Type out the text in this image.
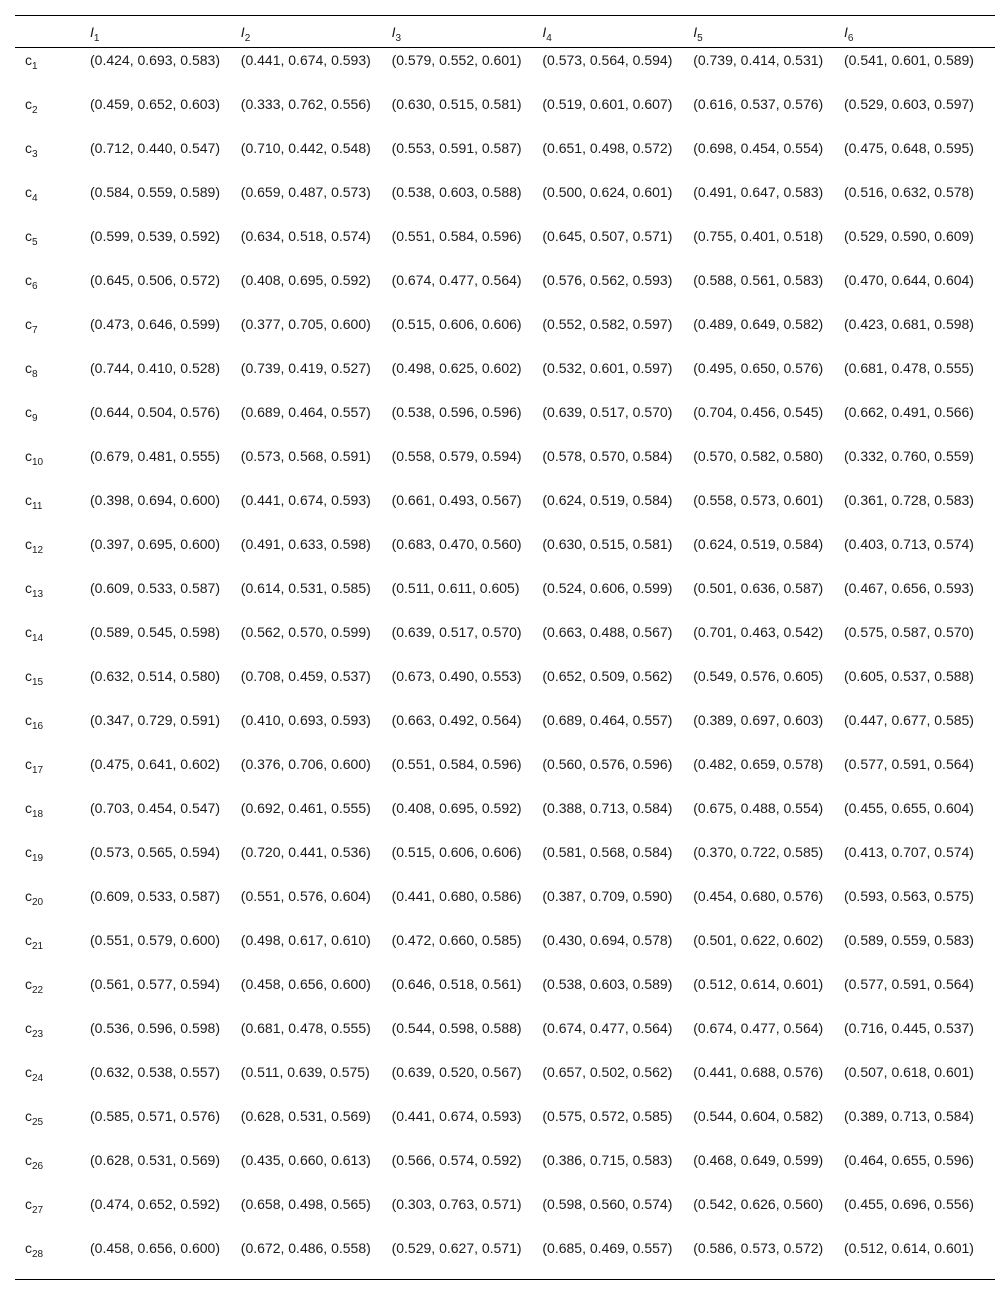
	$I_1$	$I_2$	$I_3$	$I_4$	$I_5$	$I_6$
$c_1$	(0.424, 0.693, 0.583)	(0.441, 0.674, 0.593)	(0.579, 0.552, 0.601)	(0.573, 0.564, 0.594)	(0.739, 0.414, 0.531)	(0.541, 0.601, 0.589)

$c_2$	(0.459, 0.652, 0.603)	(0.333, 0.762, 0.556)	(0.630, 0.515, 0.581)	(0.519, 0.601, 0.607)	(0.616, 0.537, 0.576)	(0.529, 0.603, 0.597)

$c_3$	(0.712, 0.440, 0.547)	(0.710, 0.442, 0.548)	(0.553, 0.591, 0.587)	(0.651, 0.498, 0.572)	(0.698, 0.454, 0.554)	(0.475, 0.648, 0.595)

$c_4$	(0.584, 0.559, 0.589)	(0.659, 0.487, 0.573)	(0.538, 0.603, 0.588)	(0.500, 0.624, 0.601)	(0.491, 0.647, 0.583)	(0.516, 0.632, 0.578)

$c_5$	(0.599, 0.539, 0.592)	(0.634, 0.518, 0.574)	(0.551, 0.584, 0.596)	(0.645, 0.507, 0.571)	(0.755, 0.401, 0.518)	(0.529, 0.590, 0.609)

$c_6$	(0.645, 0.506, 0.572)	(0.408, 0.695, 0.592)	(0.674, 0.477, 0.564)	(0.576, 0.562, 0.593)	(0.588, 0.561, 0.583)	(0.470, 0.644, 0.604)

$c_7$	(0.473, 0.646, 0.599)	(0.377, 0.705, 0.600)	(0.515, 0.606, 0.606)	(0.552, 0.582, 0.597)	(0.489, 0.649, 0.582)	(0.423, 0.681, 0.598)

$c_8$	(0.744, 0.410, 0.528)	(0.739, 0.419, 0.527)	(0.498, 0.625, 0.602)	(0.532, 0.601, 0.597)	(0.495, 0.650, 0.576)	(0.681, 0.478, 0.555)

$c_9$	(0.644, 0.504, 0.576)	(0.689, 0.464, 0.557)	(0.538, 0.596, 0.596)	(0.639, 0.517, 0.570)	(0.704, 0.456, 0.545)	(0.662, 0.491, 0.566)

$c_{10}$	(0.679, 0.481, 0.555)	(0.573, 0.568, 0.591)	(0.558, 0.579, 0.594)	(0.578, 0.570, 0.584)	(0.570, 0.582, 0.580)	(0.332, 0.760, 0.559)

$c_{11}$	(0.398, 0.694, 0.600)	(0.441, 0.674, 0.593)	(0.661, 0.493, 0.567)	(0.624, 0.519, 0.584)	(0.558, 0.573, 0.601)	(0.361, 0.728, 0.583)

$c_{12}$	(0.397, 0.695, 0.600)	(0.491, 0.633, 0.598)	(0.683, 0.470, 0.560)	(0.630, 0.515, 0.581)	(0.624, 0.519, 0.584)	(0.403, 0.713, 0.574)

$c_{13}$	(0.609, 0.533, 0.587)	(0.614, 0.531, 0.585)	(0.511, 0.611, 0.605)	(0.524, 0.606, 0.599)	(0.501, 0.636, 0.587)	(0.467, 0.656, 0.593)

$c_{14}$	(0.589, 0.545, 0.598)	(0.562, 0.570, 0.599)	(0.639, 0.517, 0.570)	(0.663, 0.488, 0.567)	(0.701, 0.463, 0.542)	(0.575, 0.587, 0.570)

$c_{15}$	(0.632, 0.514, 0.580)	(0.708, 0.459, 0.537)	(0.673, 0.490, 0.553)	(0.652, 0.509, 0.562)	(0.549, 0.576, 0.605)	(0.605, 0.537, 0.588)

$c_{16}$	(0.347, 0.729, 0.591)	(0.410, 0.693, 0.593)	(0.663, 0.492, 0.564)	(0.689, 0.464, 0.557)	(0.389, 0.697, 0.603)	(0.447, 0.677, 0.585)

$c_{17}$	(0.475, 0.641, 0.602)	(0.376, 0.706, 0.600)	(0.551, 0.584, 0.596)	(0.560, 0.576, 0.596)	(0.482, 0.659, 0.578)	(0.577, 0.591, 0.564)

$c_{18}$	(0.703, 0.454, 0.547)	(0.692, 0.461, 0.555)	(0.408, 0.695, 0.592)	(0.388, 0.713, 0.584)	(0.675, 0.488, 0.554)	(0.455, 0.655, 0.604)

$c_{19}$	(0.573, 0.565, 0.594)	(0.720, 0.441, 0.536)	(0.515, 0.606, 0.606)	(0.581, 0.568, 0.584)	(0.370, 0.722, 0.585)	(0.413, 0.707, 0.574)

$c_{20}$	(0.609, 0.533, 0.587)	(0.551, 0.576, 0.604)	(0.441, 0.680, 0.586)	(0.387, 0.709, 0.590)	(0.454, 0.680, 0.576)	(0.593, 0.563, 0.575)

$c_{21}$	(0.551, 0.579, 0.600)	(0.498, 0.617, 0.610)	(0.472, 0.660, 0.585)	(0.430, 0.694, 0.578)	(0.501, 0.622, 0.602)	(0.589, 0.559, 0.583)

$c_{22}$	(0.561, 0.577, 0.594)	(0.458, 0.656, 0.600)	(0.646, 0.518, 0.561)	(0.538, 0.603, 0.589)	(0.512, 0.614, 0.601)	(0.577, 0.591, 0.564)

$c_{23}$	(0.536, 0.596, 0.598)	(0.681, 0.478, 0.555)	(0.544, 0.598, 0.588)	(0.674, 0.477, 0.564)	(0.674, 0.477, 0.564)	(0.716, 0.445, 0.537)

$c_{24}$	(0.632, 0.538, 0.557)	(0.511, 0.639, 0.575)	(0.639, 0.520, 0.567)	(0.657, 0.502, 0.562)	(0.441, 0.688, 0.576)	(0.507, 0.618, 0.601)

$c_{25}$	(0.585, 0.571, 0.576)	(0.628, 0.531, 0.569)	(0.441, 0.674, 0.593)	(0.575, 0.572, 0.585)	(0.544, 0.604, 0.582)	(0.389, 0.713, 0.584)

$c_{26}$	(0.628, 0.531, 0.569)	(0.435, 0.660, 0.613)	(0.566, 0.574, 0.592)	(0.386, 0.715, 0.583)	(0.468, 0.649, 0.599)	(0.464, 0.655, 0.596)

$c_{27}$	(0.474, 0.652, 0.592)	(0.658, 0.498, 0.565)	(0.303, 0.763, 0.571)	(0.598, 0.560, 0.574)	(0.542, 0.626, 0.560)	(0.455, 0.696, 0.556)

$c_{28}$	(0.458, 0.656, 0.600)	(0.672, 0.486, 0.558)	(0.529, 0.627, 0.571)	(0.685, 0.469, 0.557)	(0.586, 0.573, 0.572)	(0.512, 0.614, 0.601)
